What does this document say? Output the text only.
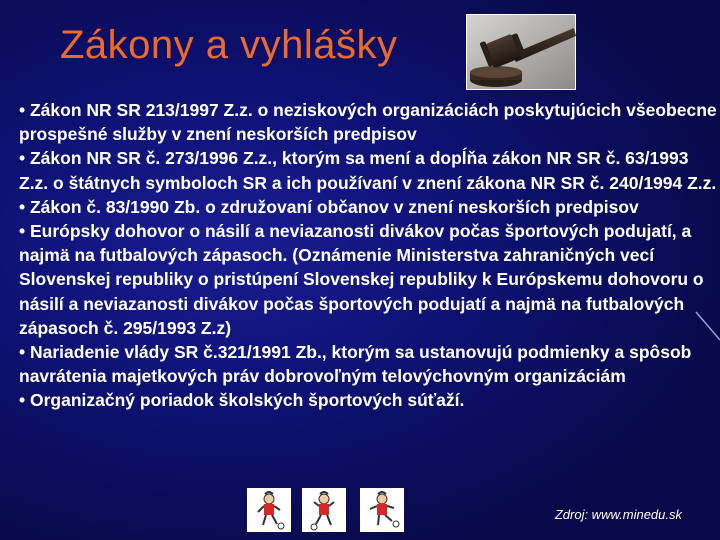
Zákony a vyhlášky

• Zákon NR SR 213/1997 Z.z. o neziskových organizáciách poskytujúcich všeobecne prospešné služby v znení neskorších predpisov

• Zákon NR SR č. 273/1996 Z.z., ktorým sa mení a dopĺňa zákon NR SR č. 63/1993 Z.z. o štátnych symboloch SR a ich používaní v znení zákona NR SR č. 240/1994 Z.z.

• Zákon č. 83/1990 Zb. o združovaní občanov v znení neskorších predpisov

• Európsky dohovor o násilí a neviazanosti divákov počas športových podujatí, a najmä na futbalových zápasoch. (Oznámenie Ministerstva zahraničných vecí Slovenskej republiky o pristúpení Slovenskej republiky k Európskemu dohovoru o násilí a neviazanosti divákov počas športových podujatí a najmä na futbalových zápasoch č. 295/1993 Z.z)

• Nariadenie vlády SR č.321/1991 Zb., ktorým sa ustanovujú podmienky a spôsob navrátenia majetkových práv dobrovoľným telovýchovným organizáciám

• Organizačný poriadok školských športových súťaží.

Zdroj: www.minedu.sk
